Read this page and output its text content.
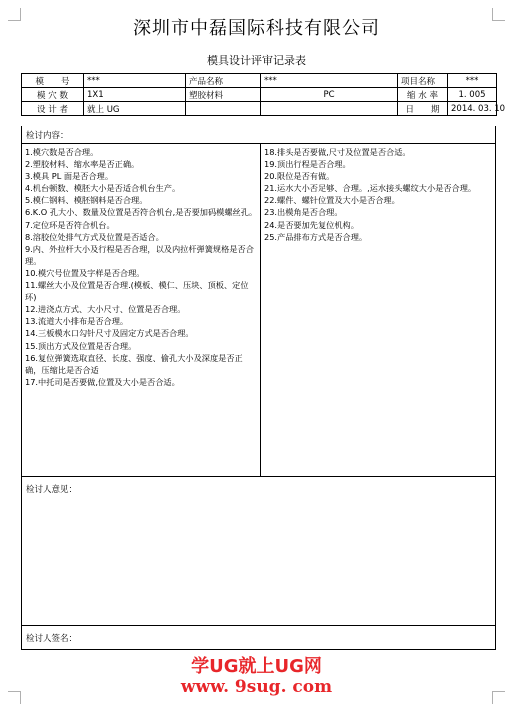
深圳市中磊国际科技有限公司
模具设计评审记录表
模　　号	***	产品名称	***	项目名称	***
模 穴 数	1X1	塑胶材料	PC	缩 水 率	1. 005
设 计 者	就上 UG			日　　期	2014. 03. 10
检讨内容：

1.模穴数是否合理。

2.塑胶材料、缩水率是否正确。

3.模具 PL 面是否合理。

4.机台顿数、模胚大小是否适合机台生产。

5.模仁钢料、模胚钢料是否合理。

6.K.O 孔大小、数量及位置是否符合机台,是否要加码模螺丝孔。

7.定位环是否符合机台。

8.溶胶位处排气方式及位置是否适合。

9.内、外拉杆大小及行程是否合理，以及内拉杆弹簧规格是否合理。

10.模穴号位置及字样是否合理。

11.螺丝大小及位置是否合理.(模板、模仁、压块、顶板、定位环)

12.进浇点方式、大小尺寸、位置是否合理。

13.流道大小排布是否合理。

14.三板模水口勾针尺寸及固定方式是否合理。

15.顶出方式及位置是否合理。

16.复位弹簧选取直径、长度、强度、偷孔大小及深度是否正确，压缩比是否合适

17.中托司是否要做,位置及大小是否合适。

18.排头是否要做,尺寸及位置是否合适。

19.顶出行程是否合理。

20.限位是否有做。

21.运水大小否足够、合理。,运水接头螺纹大小是否合理。

22.螺件、螺针位置及大小是否合理。

23.出模角是否合理。

24.是否要加先复位机构。

25.产品排布方式是否合理。

检讨人意见：
检讨人签名：
学UG就上UG网
www. 9sug. com
